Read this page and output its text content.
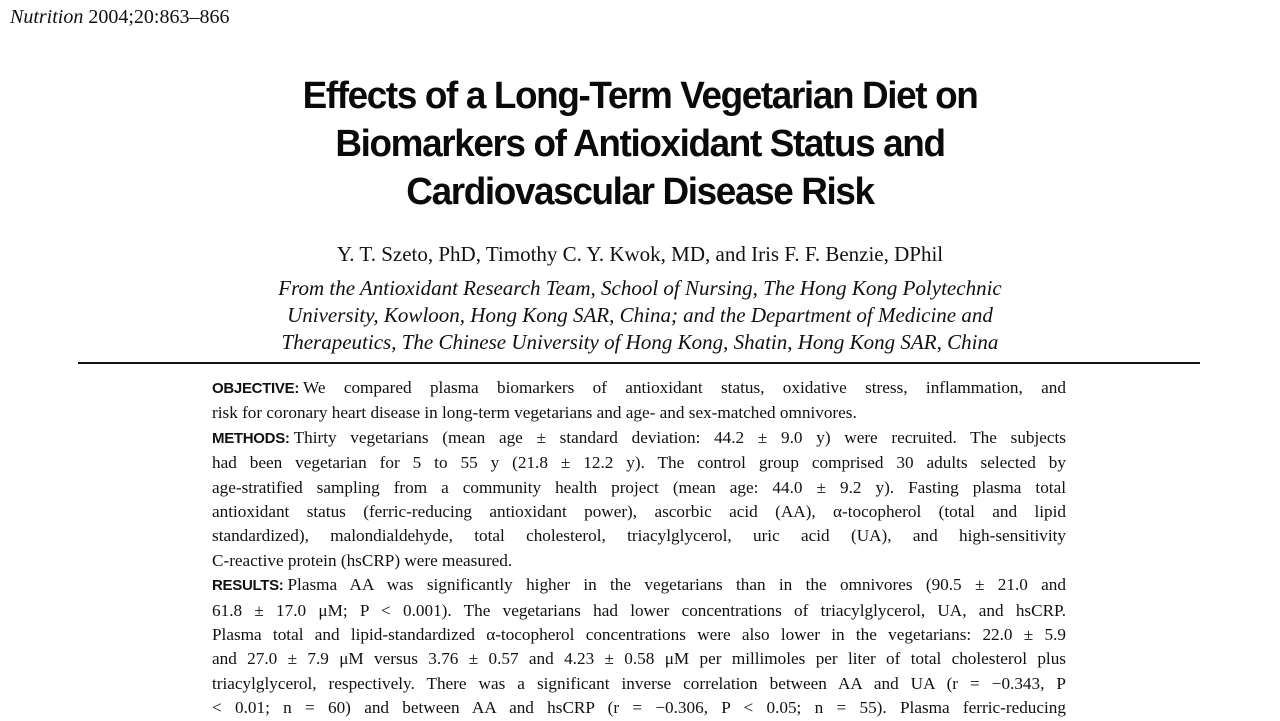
Nutrition 2004;20:863–866
Effects of a Long-Term Vegetarian Diet on
Biomarkers of Antioxidant Status and
Cardiovascular Disease Risk
Y. T. Szeto, PhD, Timothy C. Y. Kwok, MD, and Iris F. F. Benzie, DPhil
From the Antioxidant Research Team, School of Nursing, The Hong Kong Polytechnic
University, Kowloon, Hong Kong SAR, China; and the Department of Medicine and
Therapeutics, The Chinese University of Hong Kong, Shatin, Hong Kong SAR, China
OBJECTIVE: We compared plasma biomarkers of antioxidant status, oxidative stress, inflammation, and
risk for coronary heart disease in long-term vegetarians and age- and sex-matched omnivores.
METHODS: Thirty vegetarians (mean age ± standard deviation: 44.2 ± 9.0 y) were recruited. The subjects
had been vegetarian for 5 to 55 y (21.8 ± 12.2 y). The control group comprised 30 adults selected by
age-stratified sampling from a community health project (mean age: 44.0 ± 9.2 y). Fasting plasma total
antioxidant status (ferric-reducing antioxidant power), ascorbic acid (AA), α-tocopherol (total and lipid
standardized), malondialdehyde, total cholesterol, triacylglycerol, uric acid (UA), and high-sensitivity
C-reactive protein (hsCRP) were measured.
RESULTS: Plasma AA was significantly higher in the vegetarians than in the omnivores (90.5 ± 21.0 and
61.8 ± 17.0 μM; P < 0.001). The vegetarians had lower concentrations of triacylglycerol, UA, and hsCRP.
Plasma total and lipid-standardized α-tocopherol concentrations were also lower in the vegetarians: 22.0 ± 5.9
and 27.0 ± 7.9 μM versus 3.76 ± 0.57 and 4.23 ± 0.58 μM per millimoles per liter of total cholesterol plus
triacylglycerol, respectively. There was a significant inverse correlation between AA and UA (r = −0.343, P
< 0.01; n = 60) and between AA and hsCRP (r = −0.306, P < 0.05; n = 55). Plasma ferric-reducing
